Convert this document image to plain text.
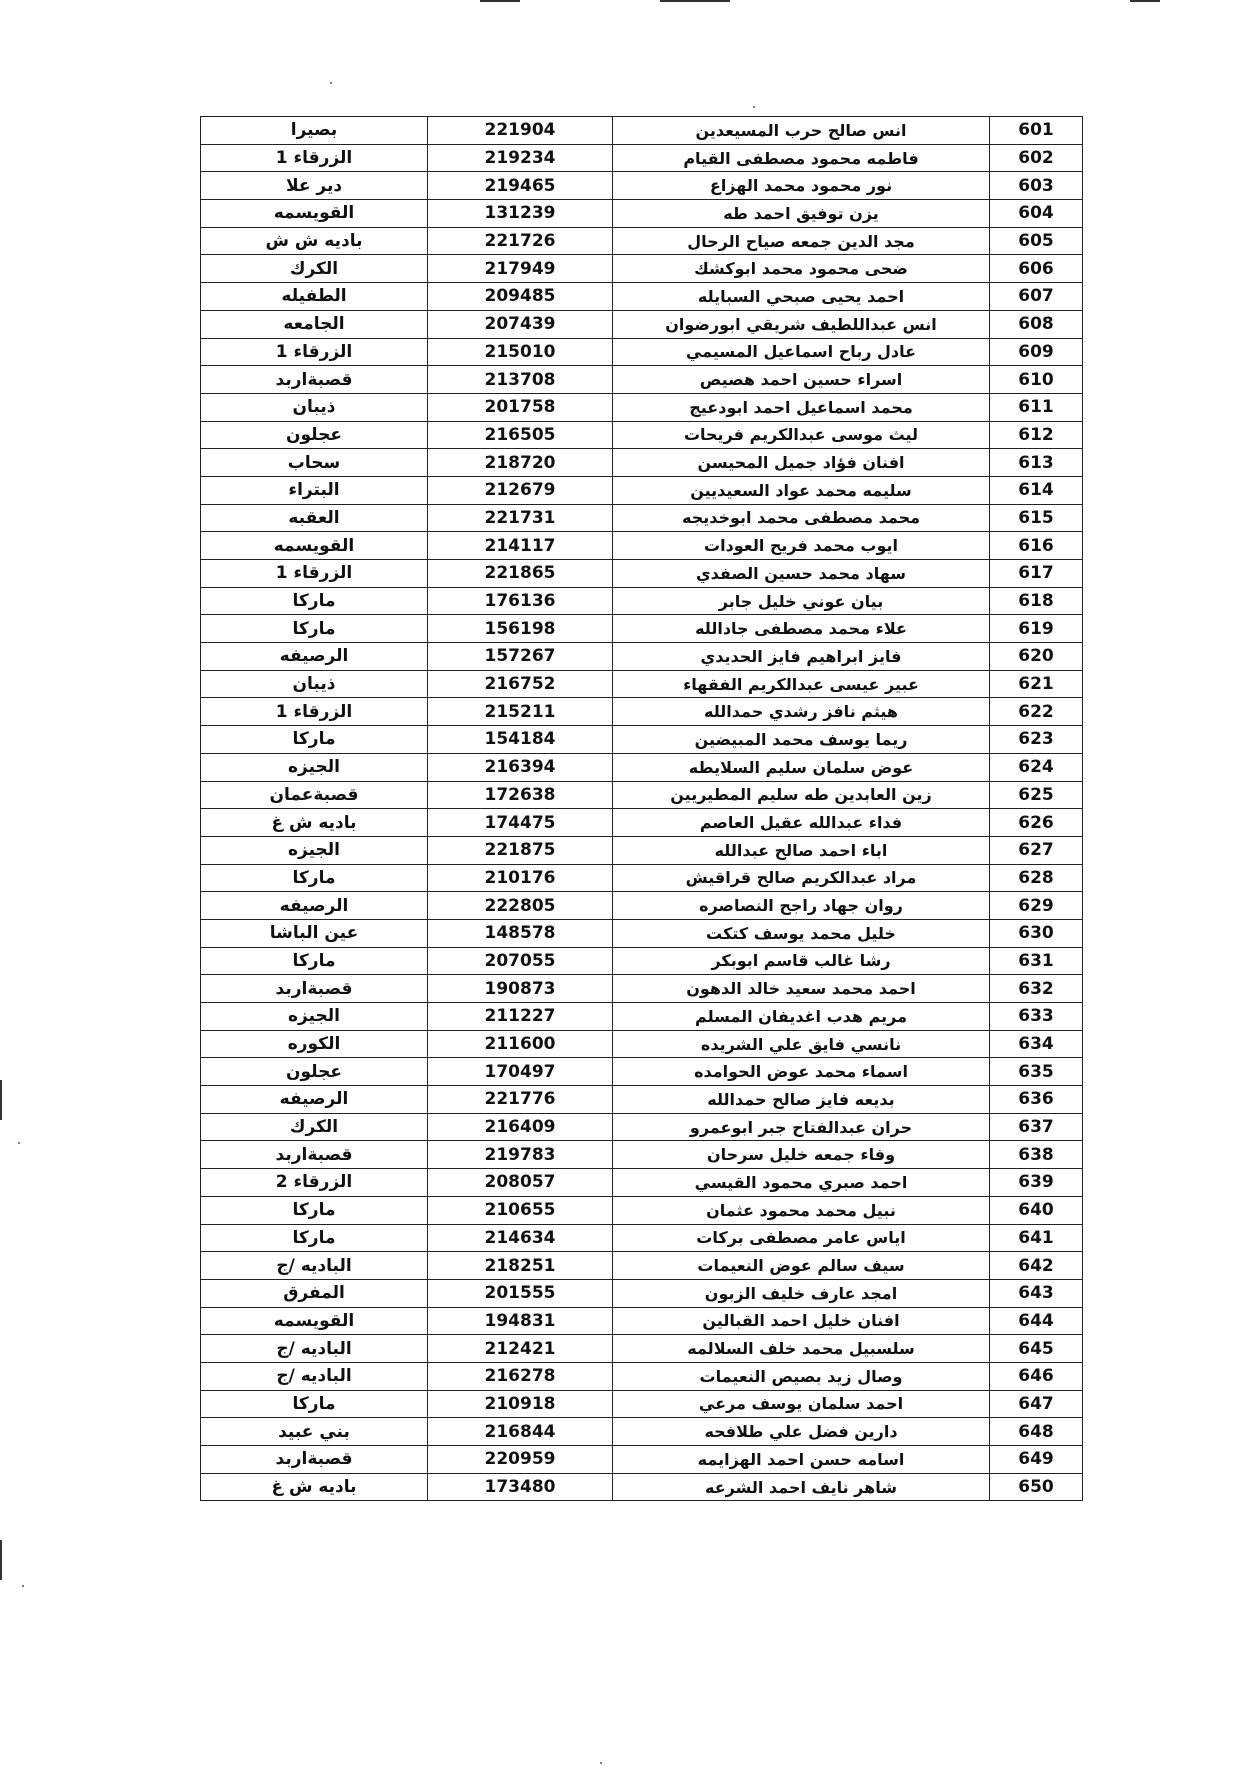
بصيرا	221904	انس صالح حرب المسيعدين	601
الزرقاء 1	219234	فاطمه محمود مصطفى القيام	602
دير علا	219465	نور محمود محمد الهزاع	603
القويسمه	131239	يزن توفيق احمد طه	604
باديه ش ش	221726	مجد الدين جمعه صياح الرحال	605
الكرك	217949	ضحى محمود محمد ابوكشك	606
الطفيله	209485	احمد يحيى صبحي السبايله	607
الجامعه	207439	انس عبداللطيف شريقي ابورضوان	608
الزرقاء 1	215010	عادل رباح اسماعيل المسيمي	609
قصبةاربد	213708	اسراء حسين احمد هصيص	610
ذيبان	201758	محمد اسماعيل احمد ابودعيج	611
عجلون	216505	ليث موسى عبدالكريم فريحات	612
سحاب	218720	افنان فؤاد جميل المحيسن	613
البتراء	212679	سليمه محمد عواد السعيديين	614
العقبه	221731	محمد مصطفى محمد ابوخديجه	615
القويسمه	214117	ايوب محمد فريح العودات	616
الزرقاء 1	221865	سهاد محمد حسين الصفدي	617
ماركا	176136	بيان عوني خليل جابر	618
ماركا	156198	علاء محمد مصطفى جادالله	619
الرصيفه	157267	فايز ابراهيم فايز الحديدي	620
ذيبان	216752	عبير عيسى عبدالكريم الفقهاء	621
الزرقاء 1	215211	هيثم نافز رشدي حمدالله	622
ماركا	154184	ريما يوسف محمد المبيضين	623
الجيزه	216394	عوض سلمان سليم السلايطه	624
قصبةعمان	172638	زين العابدين طه سليم المطيريين	625
باديه ش غ	174475	فداء عبدالله عقيل العاصم	626
الجيزه	221875	اباء احمد صالح عبدالله	627
ماركا	210176	مراد عبدالكريم صالح قراقيش	628
الرصيفه	222805	روان جهاد راجح النصاصره	629
عين الباشا	148578	خليل محمد يوسف كتكت	630
ماركا	207055	رشا غالب قاسم ابوبكر	631
قصبةاربد	190873	احمد محمد سعيد خالد الدهون	632
الجيزه	211227	مريم هدب اغديفان المسلم	633
الكوره	211600	نانسي فايق علي الشريده	634
عجلون	170497	اسماء محمد عوض الحوامده	635
الرصيفه	221776	بديعه فايز صالح حمدالله	636
الكرك	216409	حران عبدالفتاح جبر ابوعمرو	637
قصبةاربد	219783	وفاء جمعه خليل سرحان	638
الزرقاء 2	208057	احمد صبري محمود القيسي	639
ماركا	210655	نبيل محمد محمود عثمان	640
ماركا	214634	اياس عامر مصطفى بركات	641
الباديه /ج	218251	سيف سالم عوض النعيمات	642
المفرق	201555	امجد عارف خليف الزبون	643
القويسمه	194831	افنان خليل احمد القبالين	644
الباديه /ج	212421	سلسبيل محمد خلف السلالمه	645
الباديه /ج	216278	وصال زيد بصيص النعيمات	646
ماركا	210918	احمد سلمان يوسف مرعي	647
بني عبيد	216844	دارين فضل علي طلافحه	648
قصبةاربد	220959	اسامه حسن احمد الهزايمه	649
باديه ش غ	173480	شاهر نايف احمد الشرعه	650
